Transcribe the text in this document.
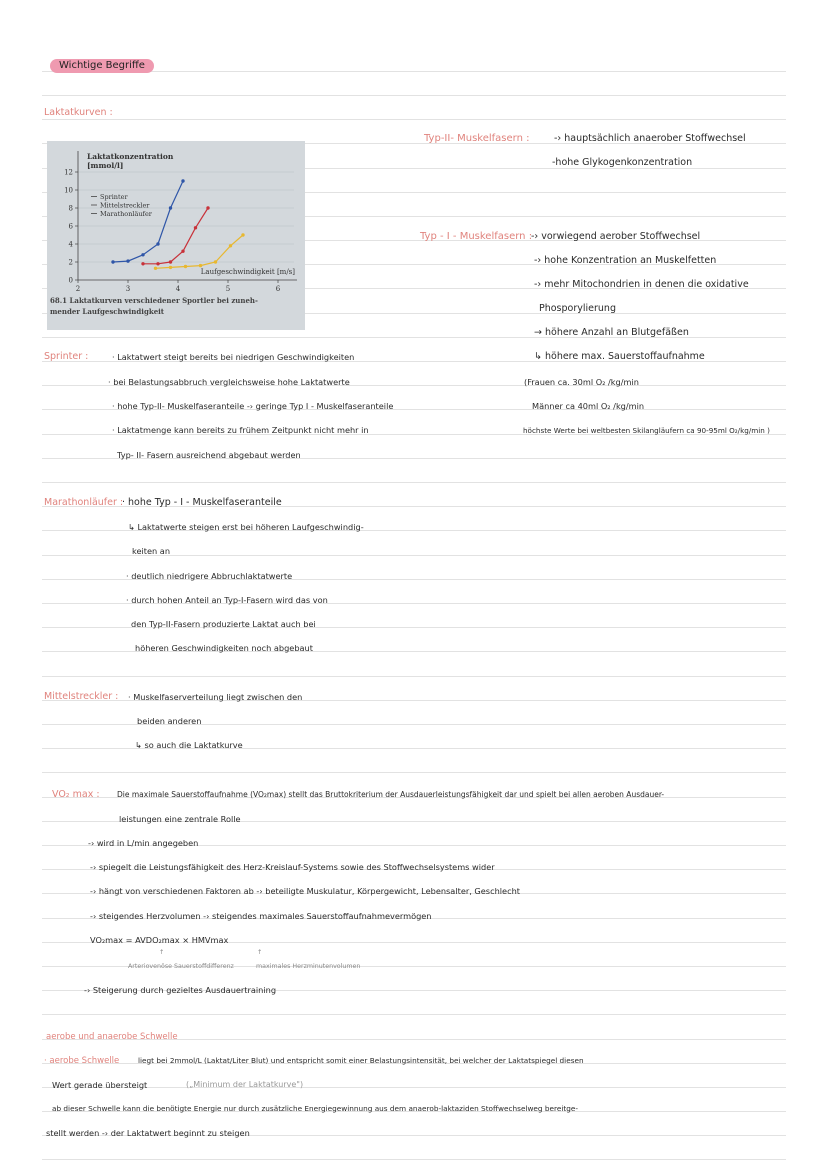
Wichtige Begriffe
Laktatkurven :
Laktatkonzentration
[mmol/l]
Laufgeschwindigkeit [m/s]
0
2
4
6
8
10
12
2	3	4	5	6
Sprinter
Mittelstreckler
Marathonläufer
68.1 Laktatkurven verschiedener Sportler bei zuneh-
mender Laufgeschwindigkeit
Typ-II- Muskelfasern :	-› hauptsächlich anaerober Stoffwechsel
-hohe Glykogenkonzentration
Typ - I - Muskelfasern :
-› vorwiegend aerober Stoffwechsel
-› hohe Konzentration an Muskelfetten
-› mehr Mitochondrien in denen die oxidative
Phosporylierung
→ höhere Anzahl an Blutgefäßen
↳ höhere max. Sauerstoffaufnahme
(Frauen ca. 30ml O₂ /kg/min
Männer ca 40ml O₂ /kg/min
höchste Werte bei weltbesten Skilangläufern ca 90-95ml O₂/kg/min )
Sprinter :	· Laktatwert steigt bereits bei niedrigen Geschwindigkeiten
· bei Belastungsabbruch vergleichsweise hohe Laktatwerte
· hohe Typ-II- Muskelfaseranteile -› geringe Typ I - Muskelfaseranteile
· Laktatmenge kann bereits zu frühem Zeitpunkt nicht mehr in
Typ- II- Fasern ausreichend abgebaut werden
Marathonläufer :
· hohe Typ - I - Muskelfaseranteile
↳ Laktatwerte steigen erst bei höheren Laufgeschwindig-
keiten an
· deutlich niedrigere Abbruchlaktatwerte
· durch hohen Anteil an Typ-I-Fasern wird das von
den Typ-II-Fasern produzierte Laktat auch bei
höheren Geschwindigkeiten noch abgebaut
Mittelstreckler : · Muskelfaserverteilung liegt zwischen den
beiden anderen
↳ so auch die Laktatkurve
VO₂ max : Die maximale Sauerstoffaufnahme (VO₂max) stellt das Bruttokriterium der Ausdauerleistungsfähigkeit dar und spielt bei allen aeroben Ausdauer-
leistungen eine zentrale Rolle
-› wird in L/min angegeben
-› spiegelt die Leistungsfähigkeit des Herz-Kreislauf-Systems sowie des Stoffwechselsystems wider
-› hängt von verschiedenen Faktoren ab -› beteiligte Muskulatur, Körpergewicht, Lebensalter, Geschlecht
-› steigendes Herzvolumen -› steigendes maximales Sauerstoffaufnahmevermögen
VO₂max = AVDO₂max × HMVmax
↑	↑
Arteriovenöse Sauerstoffdifferenz	maximales Herzminutenvolumen
-› Steigerung durch gezieltes Ausdauertraining
aerobe und anaerobe Schwelle
· aerobe Schwelle	liegt bei 2mmol/L (Laktat/Liter Blut) und entspricht somit einer Belastungsintensität, bei welcher der Laktatspiegel diesen
Wert gerade übersteigt	(„Minimum der Laktatkurve")
ab dieser Schwelle kann die benötigte Energie nur durch zusätzliche Energiegewinnung aus dem anaerob-laktaziden Stoffwechselweg bereitge-
stellt werden -› der Laktatwert beginnt zu steigen
